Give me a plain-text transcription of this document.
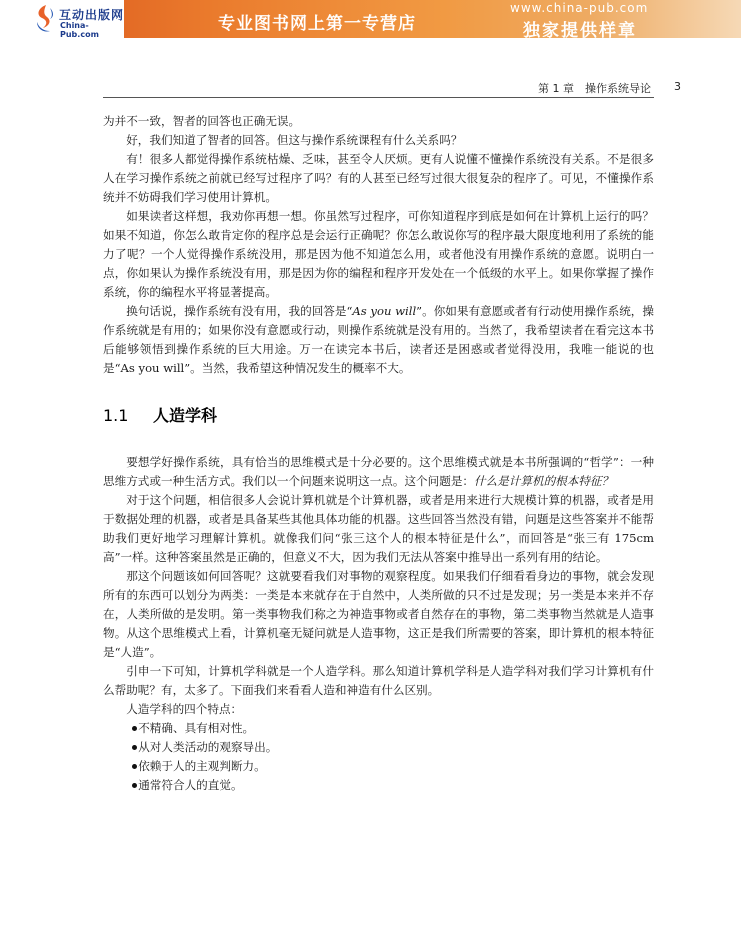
互动出版网
China-Pub.com
专业图书网上第一专营店
www.china-pub.com
独家提供样章
第 1 章　操作系统导论 3

为并不一致，智者的回答也正确无误。

好，我们知道了智者的回答。但这与操作系统课程有什么关系吗？

有！很多人都觉得操作系统枯燥、乏味，甚至令人厌烦。更有人说懂不懂操作系统没有关系。不是很多人在学习操作系统之前就已经写过程序了吗？有的人甚至已经写过很大很复杂的程序了。可见，不懂操作系统并不妨碍我们学习使用计算机。

如果读者这样想，我劝你再想一想。你虽然写过程序，可你知道程序到底是如何在计算机上运行的吗？如果不知道，你怎么敢肯定你的程序总是会运行正确呢？你怎么敢说你写的程序最大限度地利用了系统的能力了呢？一个人觉得操作系统没用，那是因为他不知道怎么用，或者他没有用操作系统的意愿。说明白一点，你如果认为操作系统没有用，那是因为你的编程和程序开发处在一个低级的水平上。如果你掌握了操作系统，你的编程水平将显著提高。

换句话说，操作系统有没有用，我的回答是“As you will”。你如果有意愿或者有行动使用操作系统，操作系统就是有用的；如果你没有意愿或行动，则操作系统就是没有用的。当然了，我希望读者在看完这本书后能够领悟到操作系统的巨大用途。万一在读完本书后，读者还是困惑或者觉得没用，我唯一能说的也是“As you will”。当然，我希望这种情况发生的概率不大。

1.1 人造学科

要想学好操作系统，具有恰当的思维模式是十分必要的。这个思维模式就是本书所强调的“哲学”：一种思维方式或一种生活方式。我们以一个问题来说明这一点。这个问题是：什么是计算机的根本特征？

对于这个问题，相信很多人会说计算机就是个计算机器，或者是用来进行大规模计算的机器，或者是用于数据处理的机器，或者是具备某些其他具体功能的机器。这些回答当然没有错，问题是这些答案并不能帮助我们更好地学习理解计算机。就像我们问“张三这个人的根本特征是什么”，而回答是“张三有 175cm 高”一样。这种答案虽然是正确的，但意义不大，因为我们无法从答案中推导出一系列有用的结论。

那这个问题该如何回答呢？这就要看我们对事物的观察程度。如果我们仔细看看身边的事物，就会发现所有的东西可以划分为两类：一类是本来就存在于自然中，人类所做的只不过是发现；另一类是本来并不存在，人类所做的是发明。第一类事物我们称之为神造事物或者自然存在的事物，第二类事物当然就是人造事物。从这个思维模式上看，计算机毫无疑问就是人造事物，这正是我们所需要的答案，即计算机的根本特征是“人造”。

引申一下可知，计算机学科就是一个人造学科。那么知道计算机学科是人造学科对我们学习计算机有什么帮助呢？有，太多了。下面我们来看看人造和神造有什么区别。

人造学科的四个特点：

不精确、具有相对性。
从对人类活动的观察导出。
依赖于人的主观判断力。
通常符合人的直觉。
